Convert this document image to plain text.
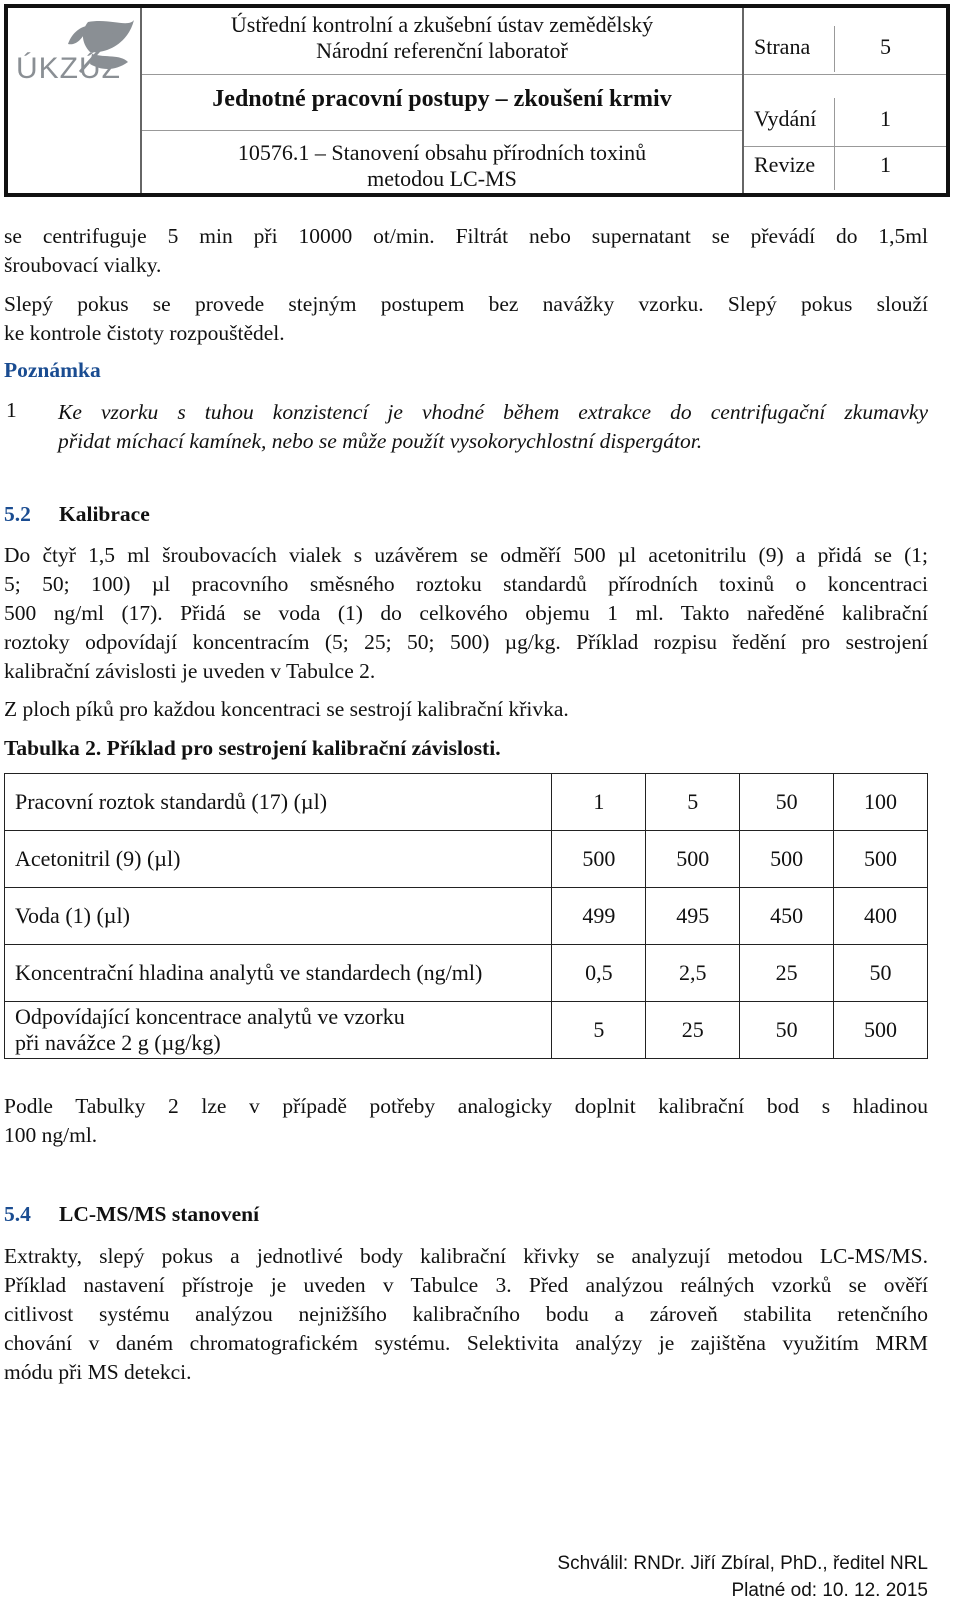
ÚKZÚZ
Ústřední kontrolní a zkušební ústav zemědělský
Národní referenční laboratoř
Jednotné pracovní postupy – zkoušení krmiv
10576.1 – Stanovení obsahu přírodních toxinů
metodou LC-MS
Strana	5
Vydání	1
Revize	1
se centrifuguje 5 min při 10000 ot/min. Filtrát nebo supernatant se převádí do 1,5ml
šroubovací vialky.
Slepý pokus se provede stejným postupem bez navážky vzorku. Slepý pokus slouží
ke kontrole čistoty rozpouštědel.
Poznámka
1 Ke vzorku s tuhou konzistencí je vhodné během extrakce do centrifugační zkumavky
přidat míchací kamínek, nebo se může použít vysokorychlostní dispergátor.
5.2 Kalibrace
Do čtyř 1,5 ml šroubovacích vialek s uzávěrem se odměří 500 µl acetonitrilu (9) a přidá se (1;
5; 50; 100) µl pracovního směsného roztoku standardů přírodních toxinů o koncentraci
500 ng/ml (17). Přidá se voda (1) do celkového objemu 1 ml. Takto naředěné kalibrační
roztoky odpovídají koncentracím (5; 25; 50; 500) µg/kg. Příklad rozpisu ředění pro sestrojení
kalibrační závislosti je uveden v Tabulce 2.
Z ploch píků pro každou koncentraci se sestrojí kalibrační křivka.
Tabulka 2. Příklad pro sestrojení kalibrační závislosti.
Pracovní roztok standardů (17) (µl)	1	5	50	100
Acetonitril (9) (µl)	500	500	500	500
Voda (1) (µl)	499	495	450	400
Koncentrační hladina analytů ve standardech (ng/ml)	0,5	2,5	25	50

Odpovídající koncentrace analytů ve vzorku
při navážce 2 g (µg/kg)	5	25	50	500
Podle Tabulky 2 lze v případě potřeby analogicky doplnit kalibrační bod s hladinou
100 ng/ml.
5.4 LC-MS/MS stanovení
Extrakty, slepý pokus a jednotlivé body kalibrační křivky se analyzují metodou LC-MS/MS.
Příklad nastavení přístroje je uveden v Tabulce 3. Před analýzou reálných vzorků se ověří
citlivost systému analýzou nejnižšího kalibračního bodu a zároveň stabilita retenčního
chování v daném chromatografickém systému. Selektivita analýzy je zajištěna využitím MRM
módu při MS detekci.
Schválil: RNDr. Jiří Zbíral, PhD., ředitel NRL
Platné od: 10. 12. 2015
